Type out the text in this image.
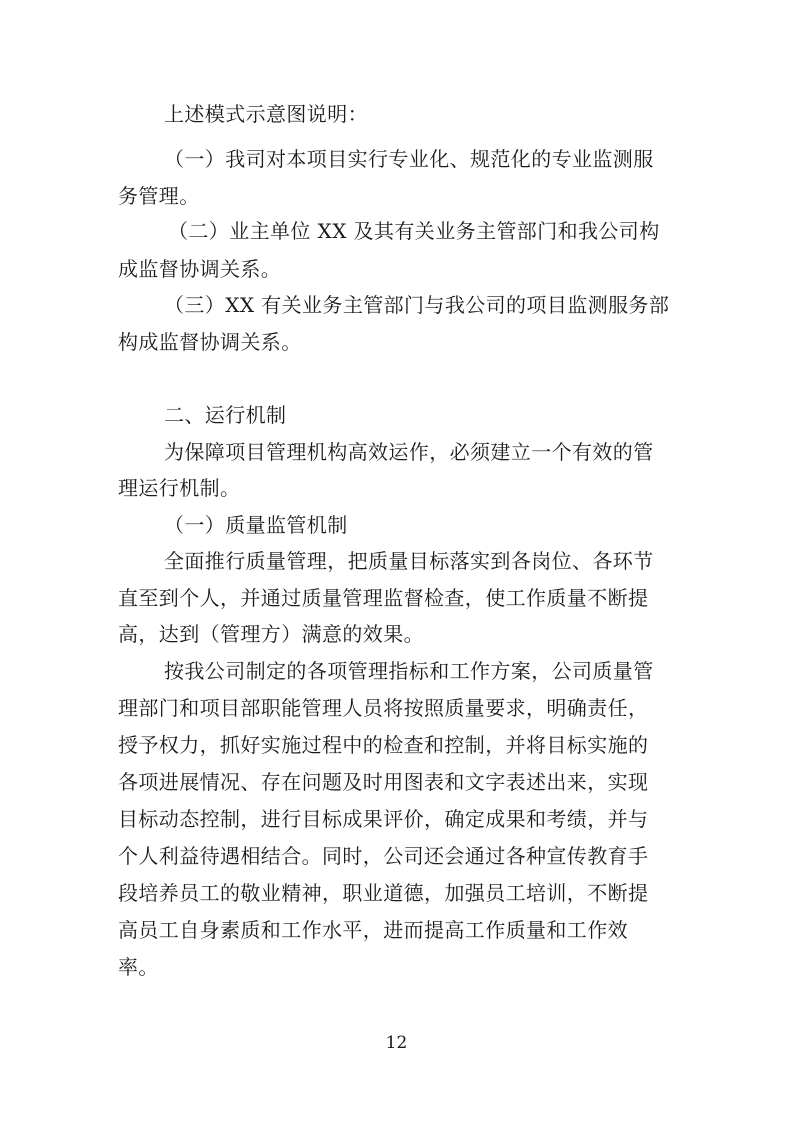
上述模式示意图说明：
（一）我司对本项目实行专业化、规范化的专业监测服
务管理。
（二）业主单位 XX 及其有关业务主管部门和我公司构
成监督协调关系。
（三）XX 有关业务主管部门与我公司的项目监测服务部
构成监督协调关系。
二、运行机制
为保障项目管理机构高效运作，必须建立一个有效的管
理运行机制。
（一）质量监管机制
全面推行质量管理，把质量目标落实到各岗位、各环节
直至到个人，并通过质量管理监督检查，使工作质量不断提
高，达到（管理方）满意的效果。
按我公司制定的各项管理指标和工作方案，公司质量管
理部门和项目部职能管理人员将按照质量要求，明确责任，
授予权力，抓好实施过程中的检查和控制，并将目标实施的
各项进展情况、存在问题及时用图表和文字表述出来，实现
目标动态控制，进行目标成果评价，确定成果和考绩，并与
个人利益待遇相结合。同时，公司还会通过各种宣传教育手
段培养员工的敬业精神，职业道德，加强员工培训，不断提
高员工自身素质和工作水平，进而提高工作质量和工作效
率。
12
